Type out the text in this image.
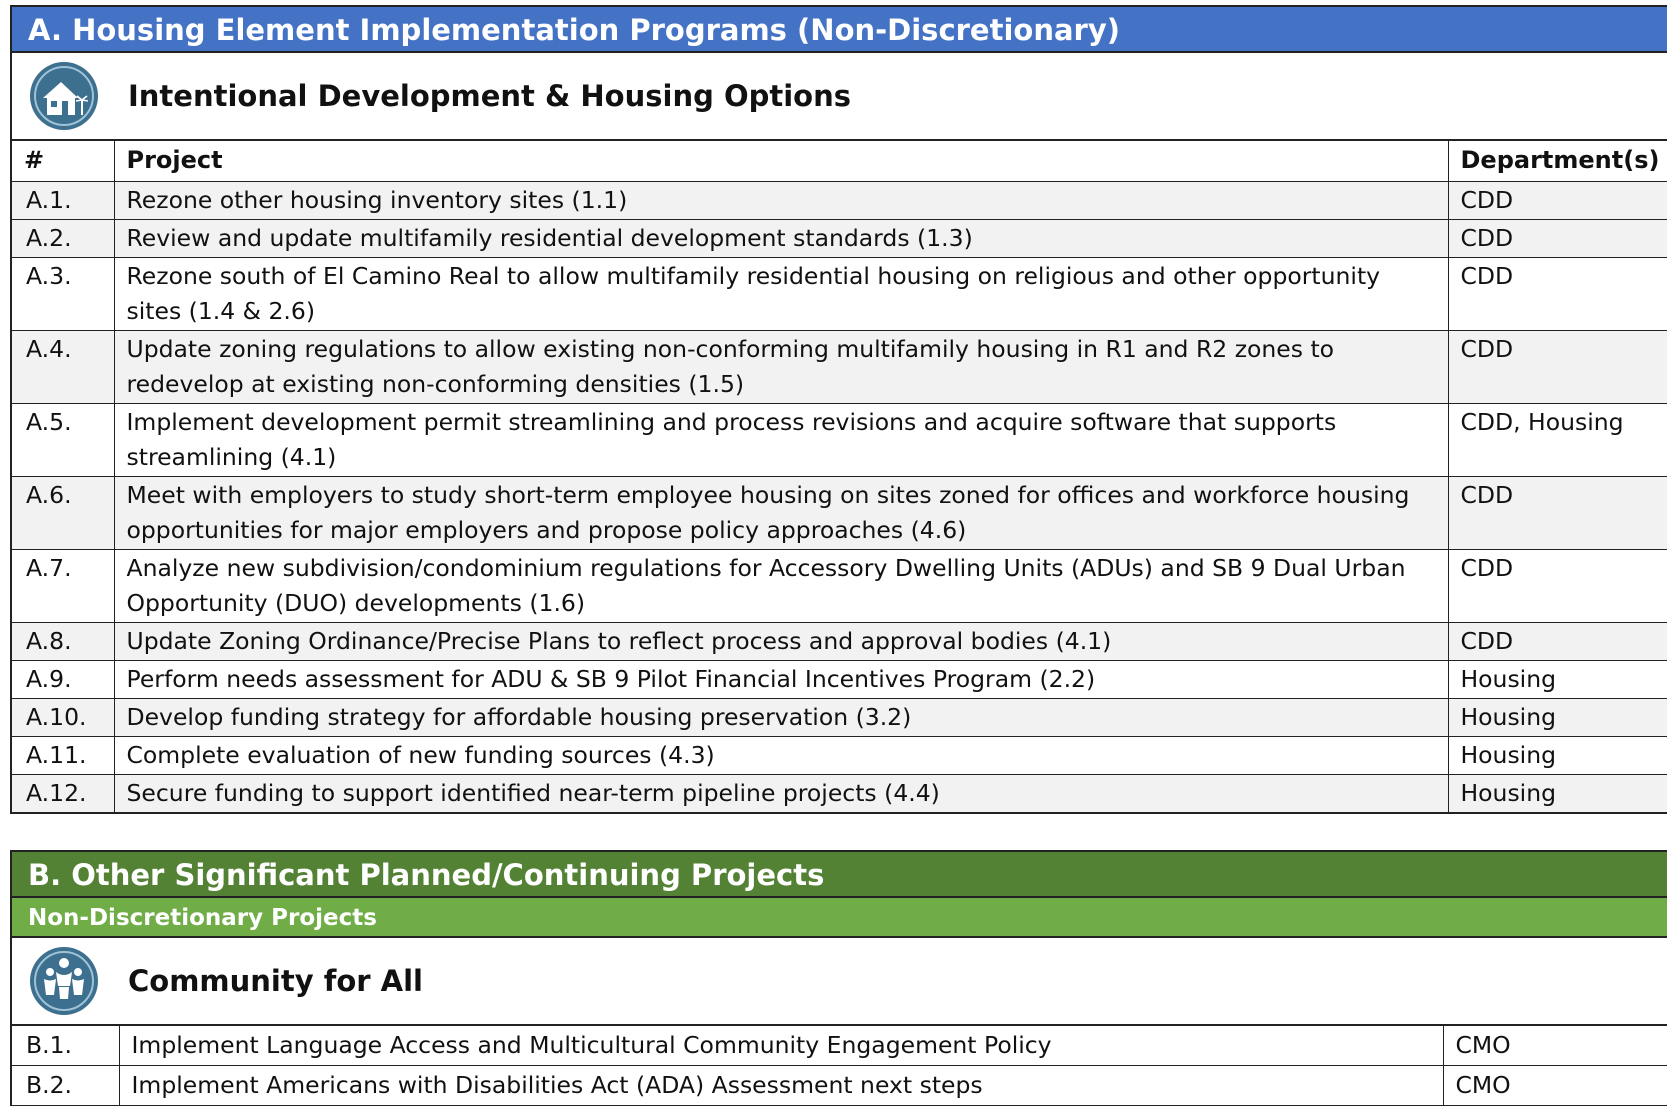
A. Housing Element Implementation Programs (Non-Discretionary)
Intentional Development & Housing Options
#	Project	Department(s)
A.1.	Rezone other housing inventory sites (1.1)	CDD
A.2.	Review and update multifamily residential development standards (1.3)	CDD
A.3.	Rezone south of El Camino Real to allow multifamily residential housing on religious and other opportunity sites (1.4 & 2.6)	CDD
A.4.	Update zoning regulations to allow existing non-conforming multifamily housing in R1 and R2 zones to redevelop at existing non-conforming densities (1.5)	CDD
A.5.	Implement development permit streamlining and process revisions and acquire software that supports streamlining (4.1)	CDD, Housing
A.6.	Meet with employers to study short-term employee housing on sites zoned for offices and workforce housing opportunities for major employers and propose policy approaches (4.6)	CDD
A.7.	Analyze new subdivision/condominium regulations for Accessory Dwelling Units (ADUs) and SB 9 Dual Urban Opportunity (DUO) developments (1.6)	CDD
A.8.	Update Zoning Ordinance/Precise Plans to reflect process and approval bodies (4.1)	CDD
A.9.	Perform needs assessment for ADU & SB 9 Pilot Financial Incentives Program (2.2)	Housing
A.10.	Develop funding strategy for affordable housing preservation (3.2)	Housing
A.11.	Complete evaluation of new funding sources (4.3)	Housing
A.12.	Secure funding to support identified near-term pipeline projects (4.4)	Housing
B. Other Significant Planned/Continuing Projects
Non-Discretionary Projects
Community for All
B.1.	Implement Language Access and Multicultural Community Engagement Policy	CMO
B.2.	Implement Americans with Disabilities Act (ADA) Assessment next steps	CMO
